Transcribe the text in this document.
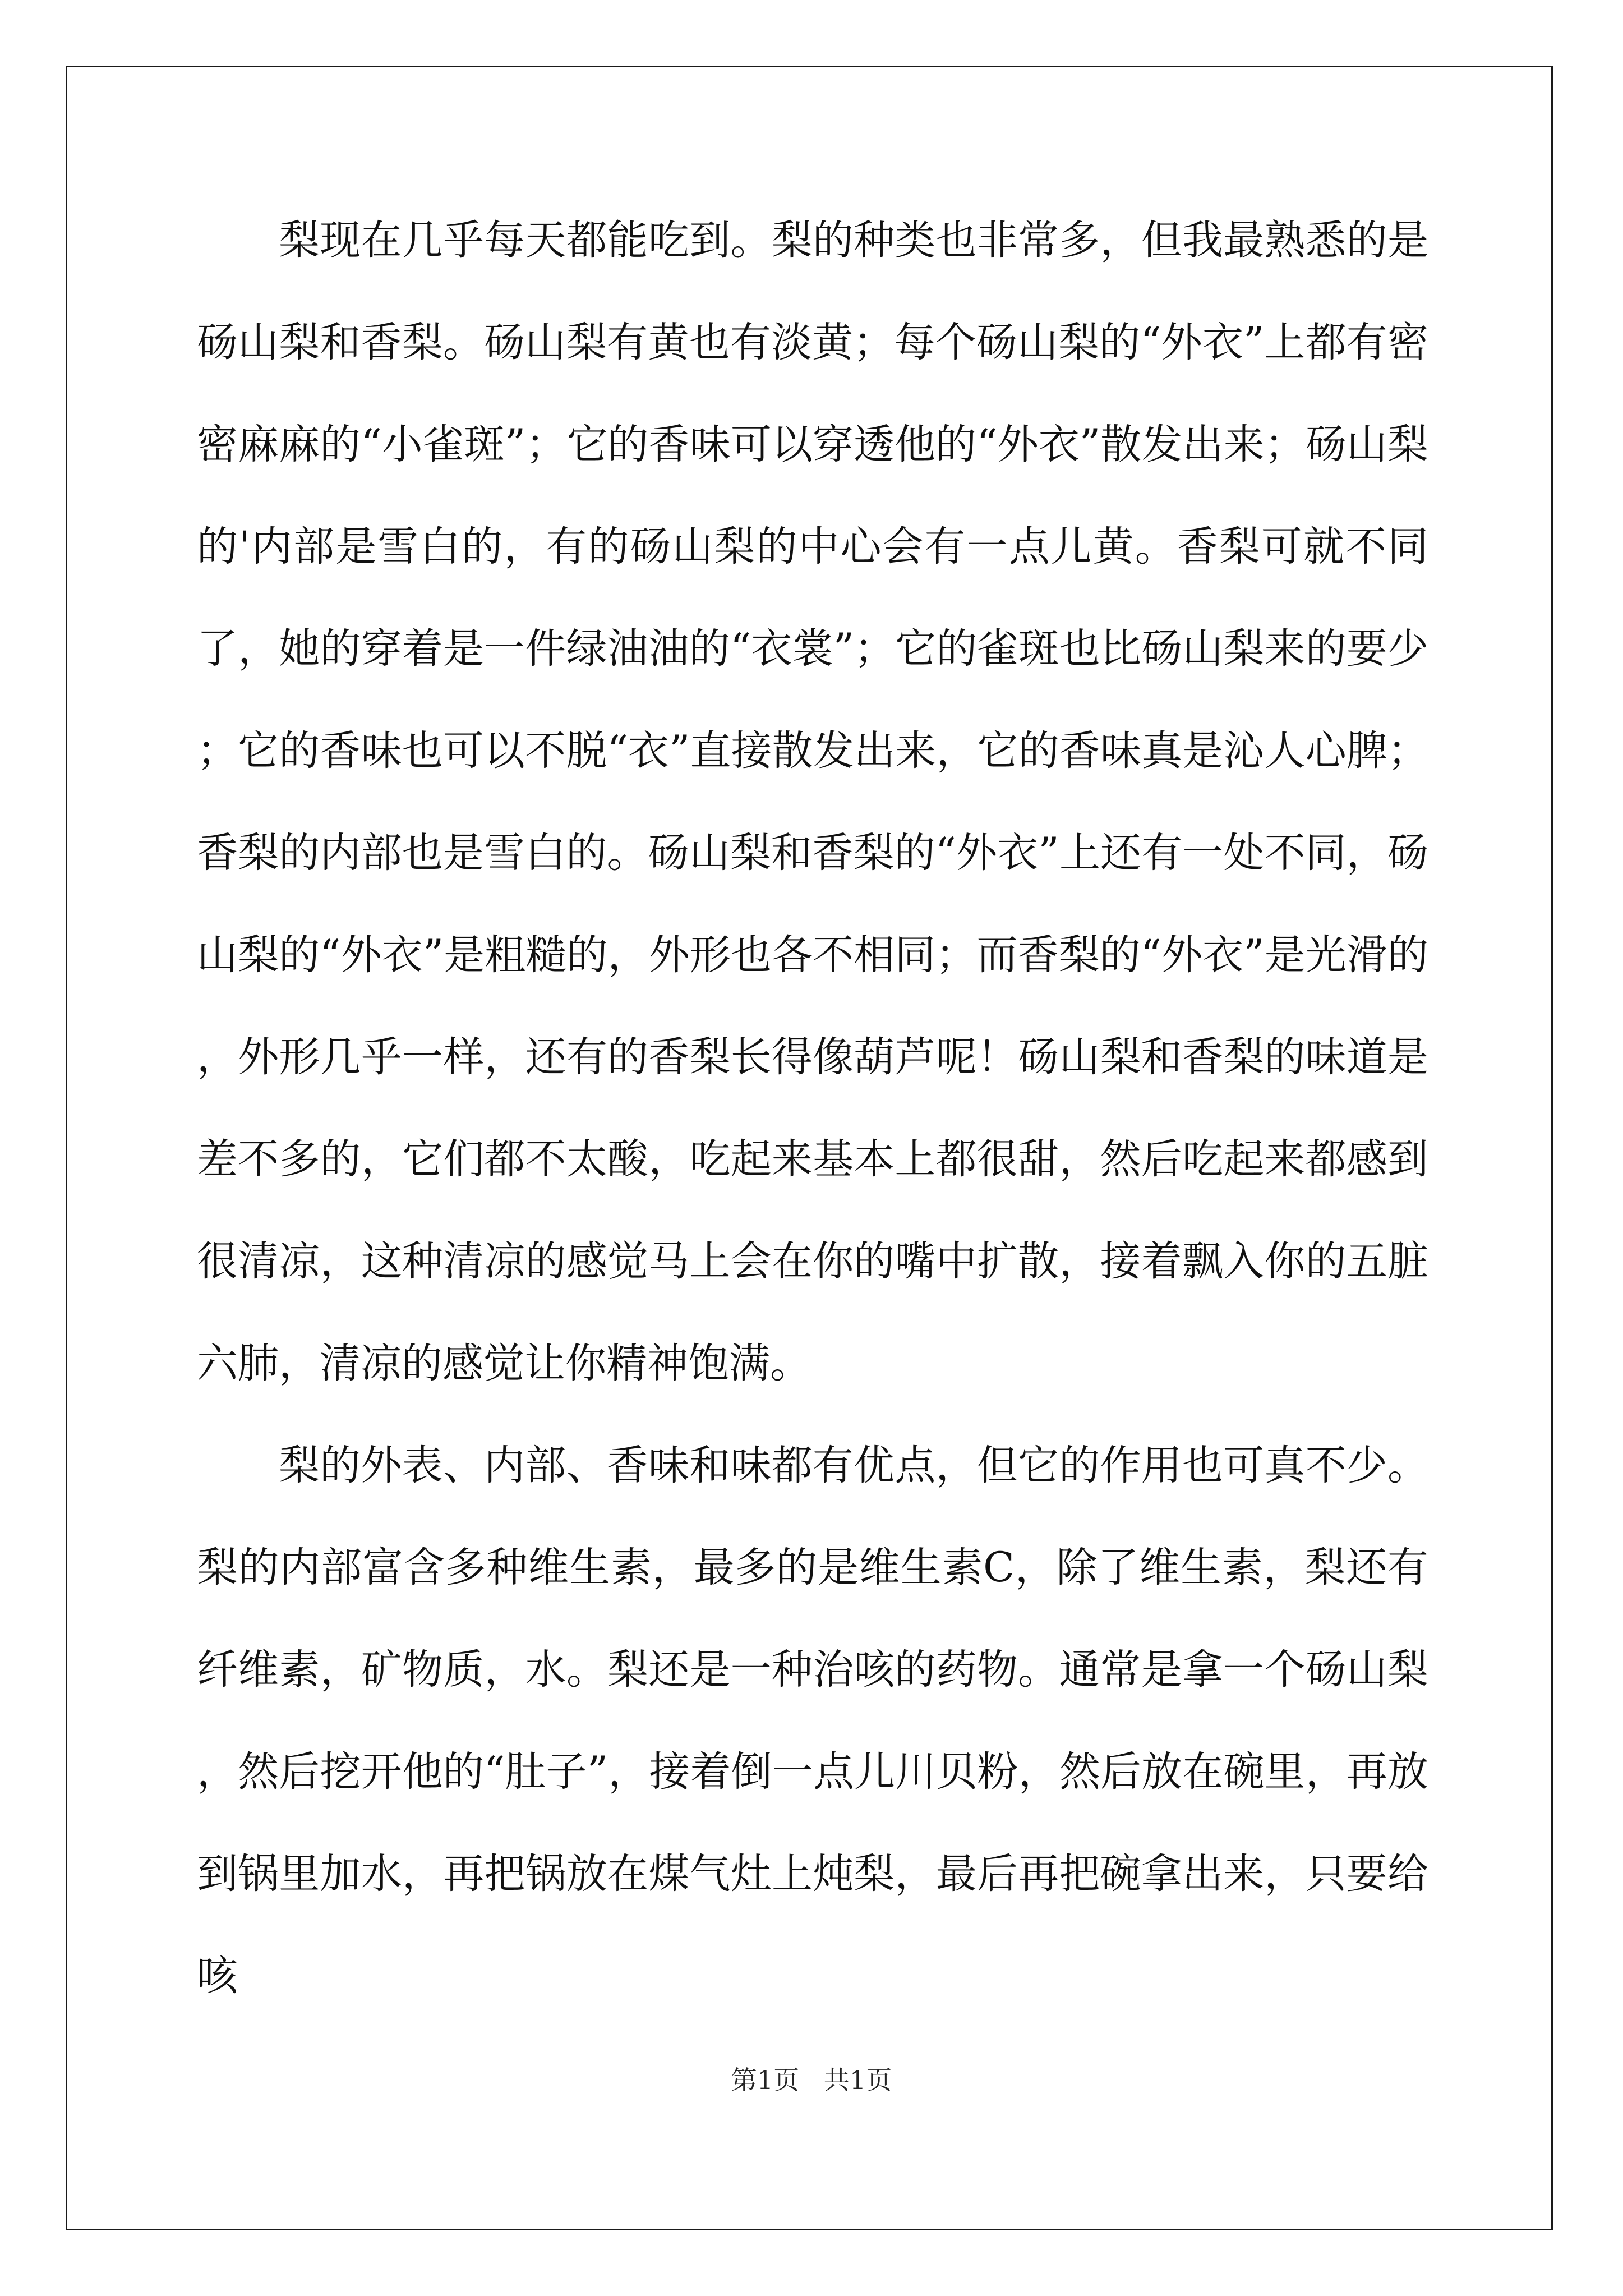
梨现在几乎每天都能吃到。梨的种类也非常多，但我最熟悉的是砀山梨和香梨。砀山梨有黄也有淡黄；每个砀山梨的“外衣”上都有密密麻麻的“小雀斑”；它的香味可以穿透他的“外衣”散发出来；砀山梨的'内部是雪白的，有的砀山梨的中心会有一点儿黄。香梨可就不同了，她的穿着是一件绿油油的“衣裳”；它的雀斑也比砀山梨来的要少；它的香味也可以不脱“衣”直接散发出来，它的香味真是沁人心脾；香梨的内部也是雪白的。砀山梨和香梨的“外衣”上还有一处不同，砀山梨的“外衣”是粗糙的，外形也各不相同；而香梨的“外衣”是光滑的，外形几乎一样，还有的香梨长得像葫芦呢！砀山梨和香梨的味道是差不多的，它们都不太酸，吃起来基本上都很甜，然后吃起来都感到很清凉，这种清凉的感觉马上会在你的嘴中扩散，接着飘入你的五脏六肺，清凉的感觉让你精神饱满。

梨的外表、内部、香味和味都有优点，但它的作用也可真不少。梨的内部富含多种维生素，最多的是维生素C，除了维生素，梨还有纤维素，矿物质，水。梨还是一种治咳的药物。通常是拿一个砀山梨，然后挖开他的“肚子”，接着倒一点儿川贝粉，然后放在碗里，再放到锅里加水，再把锅放在煤气灶上炖梨，最后再把碗拿出来，只要给咳

第1页   共1页
